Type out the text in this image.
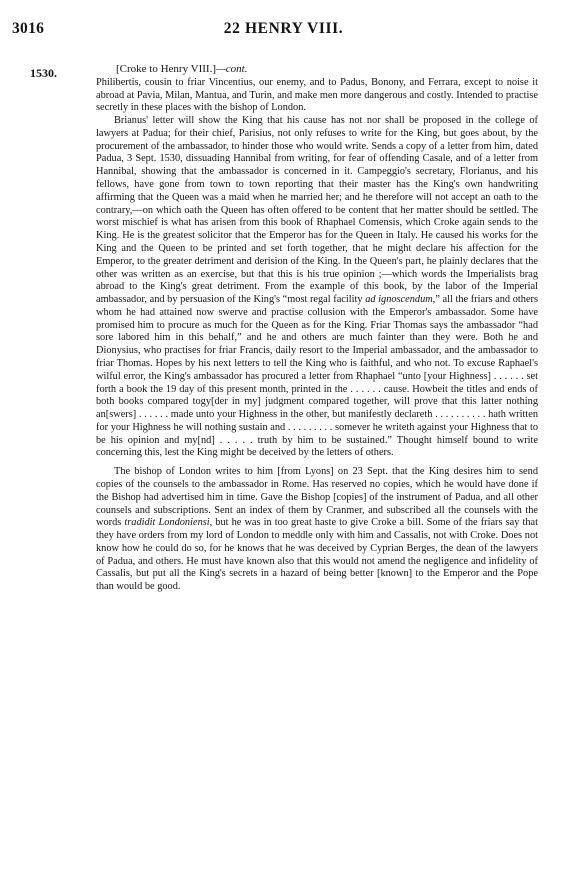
3016	22 HENRY VIII.
1530.	[Croke to Henry VIII.]—cont.

Philibertis, cousin to friar Vincentius, our enemy, and to Padus, Bonony, and Ferrara, except to noise it abroad at Pavia, Milan, Mantua, and Turin, and make men more dangerous and costly. Intended to practise secretly in these places with the bishop of London.

Brianus' letter will show the King that his cause has not nor shall be proposed in the college of lawyers at Padua; for their chief, Parisius, not only refuses to write for the King, but goes about, by the procurement of the ambassador, to hinder those who would write. Sends a copy of a letter from him, dated Padua, 3 Sept. 1530, dissuading Hannibal from writing, for fear of offending Casale, and of a letter from Hannibal, showing that the ambassador is concerned in it. Campeggio's secretary, Florianus, and his fellows, have gone from town to town reporting that their master has the King's own handwriting affirming that the Queen was a maid when he married her; and he therefore will not accept an oath to the contrary,—on which oath the Queen has often offered to be content that her matter should be settled. The worst mischief is what has arisen from this book of Rhaphael Comensis, which Croke again sends to the King. He is the greatest solicitor that the Emperor has for the Queen in Italy. He caused his works for the King and the Queen to be printed and set forth together, that he might declare his affection for the Emperor, to the greater detriment and derision of the King. In the Queen's part, he plainly declares that the other was written as an exercise, but that this is his true opinion ;—which words the Imperialists brag abroad to the King's great detriment. From the example of this book, by the labor of the Imperial ambassador, and by persuasion of the King's “most regal facility ad ignoscendum,” all the friars and others whom he had attained now swerve and practise collusion with the Emperor's ambassador. Some have promised him to procure as much for the Queen as for the King. Friar Thomas says the ambassador “had sore labored him in this behalf,” and he and others are much fainter than they were. Both he and Dionysius, who practises for friar Francis, daily resort to the Imperial ambassador, and the ambassador to friar Thomas. Hopes by his next letters to tell the King who is faithful, and who not. To excuse Raphael's wilful error, the King's ambassador has procured a letter from Rhaphael “unto [your Highness] . . . . . . set forth a book the 19 day of this present month, printed in the . . . . . . cause. Howbeit the titles and ends of both books compared togy[der in my] judgment compared together, will prove that this latter nothing an[swers] . . . . . . made unto your Highness in the other, but manifestly declareth . . . . . . . . . . hath written for your Highness he will nothing sustain and . . . . . . . . . somever he writeth against your Highness that to be his opinion and my[nd] . . . . . truth by him to be sustained.” Thought himself bound to write concerning this, lest the King might be deceived by the letters of others.

The bishop of London writes to him [from Lyons] on 23 Sept. that the King desires him to send copies of the counsels to the ambassador in Rome. Has reserved no copies, which he would have done if the Bishop had advertised him in time. Gave the Bishop [copies] of the instrument of Padua, and all other counsels and subscriptions. Sent an index of them by Cranmer, and subscribed all the counsels with the words tradidit Londoniensi, but he was in too great haste to give Croke a bill. Some of the friars say that they have orders from my lord of London to meddle only with him and Cassalis, not with Croke. Does not know how he could do so, for he knows that he was deceived by Cyprian Berges, the dean of the lawyers of Padua, and others. He must have known also that this would not amend the negligence and infidelity of Cassalis, but put all the King's secrets in a hazard of being better [known] to the Emperor and the Pope than would be good.
